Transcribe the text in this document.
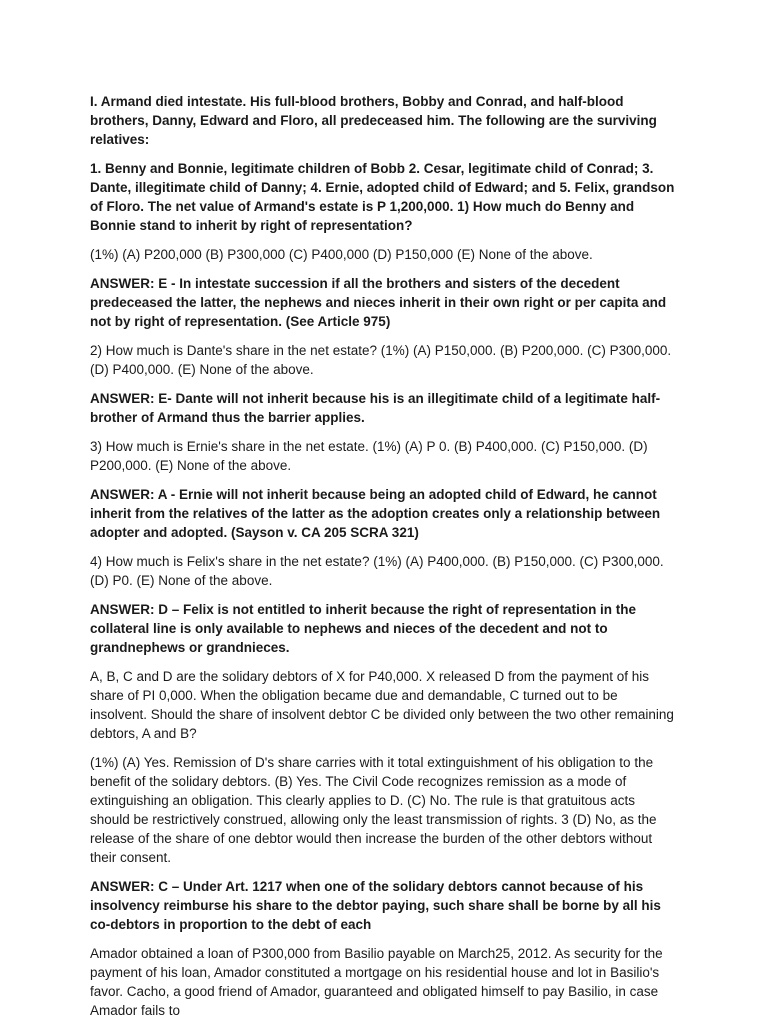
I. Armand died intestate. His full-blood brothers, Bobby and Conrad, and half-blood brothers, Danny, Edward and Floro, all predeceased him. The following are the surviving relatives:

1. Benny and Bonnie, legitimate children of Bobb 2. Cesar, legitimate child of Conrad; 3. Dante, illegitimate child of Danny; 4. Ernie, adopted child of Edward; and 5. Felix, grandson of Floro. The net value of Armand's estate is P 1,200,000. 1) How much do Benny and Bonnie stand to inherit by right of representation?

(1%) (A) P200,000 (B) P300,000 (C) P400,000 (D) P150,000 (E) None of the above.

ANSWER: E - In intestate succession if all the brothers and sisters of the decedent predeceased the latter, the nephews and nieces inherit in their own right or per capita and not by right of representation. (See Article 975)

2) How much is Dante's share in the net estate? (1%) (A) P150,000. (B) P200,000. (C) P300,000. (D) P400,000. (E) None of the above.

ANSWER: E- Dante will not inherit because his is an illegitimate child of a legitimate half-brother of Armand thus the barrier applies.

3) How much is Ernie's share in the net estate. (1%) (A) P 0. (B) P400,000. (C) P150,000. (D) P200,000. (E) None of the above.

ANSWER: A - Ernie will not inherit because being an adopted child of Edward, he cannot inherit from the relatives of the latter as the adoption creates only a relationship between adopter and adopted. (Sayson v. CA 205 SCRA 321)

4) How much is Felix's share in the net estate? (1%) (A) P400,000. (B) P150,000. (C) P300,000. (D) P0. (E) None of the above.

ANSWER: D – Felix is not entitled to inherit because the right of representation in the collateral line is only available to nephews and nieces of the decedent and not to grandnephews or grandnieces.

A, B, C and D are the solidary debtors of X for P40,000. X released D from the payment of his share of PI 0,000. When the obligation became due and demandable, C turned out to be insolvent. Should the share of insolvent debtor C be divided only between the two other remaining debtors, A and B?

(1%) (A) Yes. Remission of D's share carries with it total extinguishment of his obligation to the benefit of the solidary debtors. (B) Yes. The Civil Code recognizes remission as a mode of extinguishing an obligation. This clearly applies to D. (C) No. The rule is that gratuitous acts should be restrictively construed, allowing only the least transmission of rights. 3 (D) No, as the release of the share of one debtor would then increase the burden of the other debtors without their consent.

ANSWER: C – Under Art. 1217 when one of the solidary debtors cannot because of his insolvency reimburse his share to the debtor paying, such share shall be borne by all his co-debtors in proportion to the debt of each

Amador obtained a loan of P300,000 from Basilio payable on March25, 2012. As security for the payment of his loan, Amador constituted a mortgage on his residential house and lot in Basilio's favor. Cacho, a good friend of Amador, guaranteed and obligated himself to pay Basilio, in case Amador fails to
